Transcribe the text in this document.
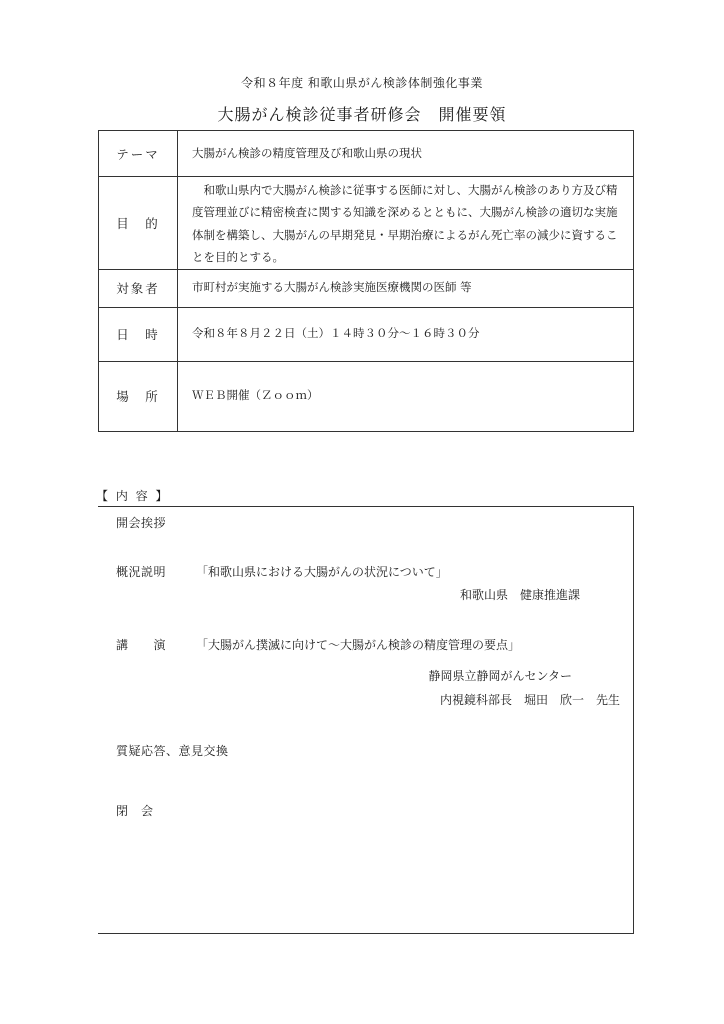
令和８年度 和歌山県がん検診体制強化事業
大腸がん検診従事者研修会　開催要領
テーマ	大腸がん検診の精度管理及び和歌山県の現状
目　的	和歌山県内で大腸がん検診に従事する医師に対し、大腸がん検診のあり方及び精度管理並びに精密検査に関する知識を深めるとともに、大腸がん検診の適切な実施体制を構築し、大腸がんの早期発見・早期治療によるがん死亡率の減少に資することを目的とする。

対象者	市町村が実施する大腸がん検診実施医療機関の医師 等
日　時	令和８年８月２２日（土）１４時３０分～１６時３０分
場　所	ＷＥＢ開催（Ｚｏｏｍ）
【 内 容 】
開会挨拶
概況説明 「和歌山県における大腸がんの状況について」
和歌山県　健康推進課
講　　演 「大腸がん撲滅に向けて～大腸がん検診の精度管理の要点」
静岡県立静岡がんセンター
内視鏡科部長　堀田　欣一　先生
質疑応答、意見交換
閉　会
